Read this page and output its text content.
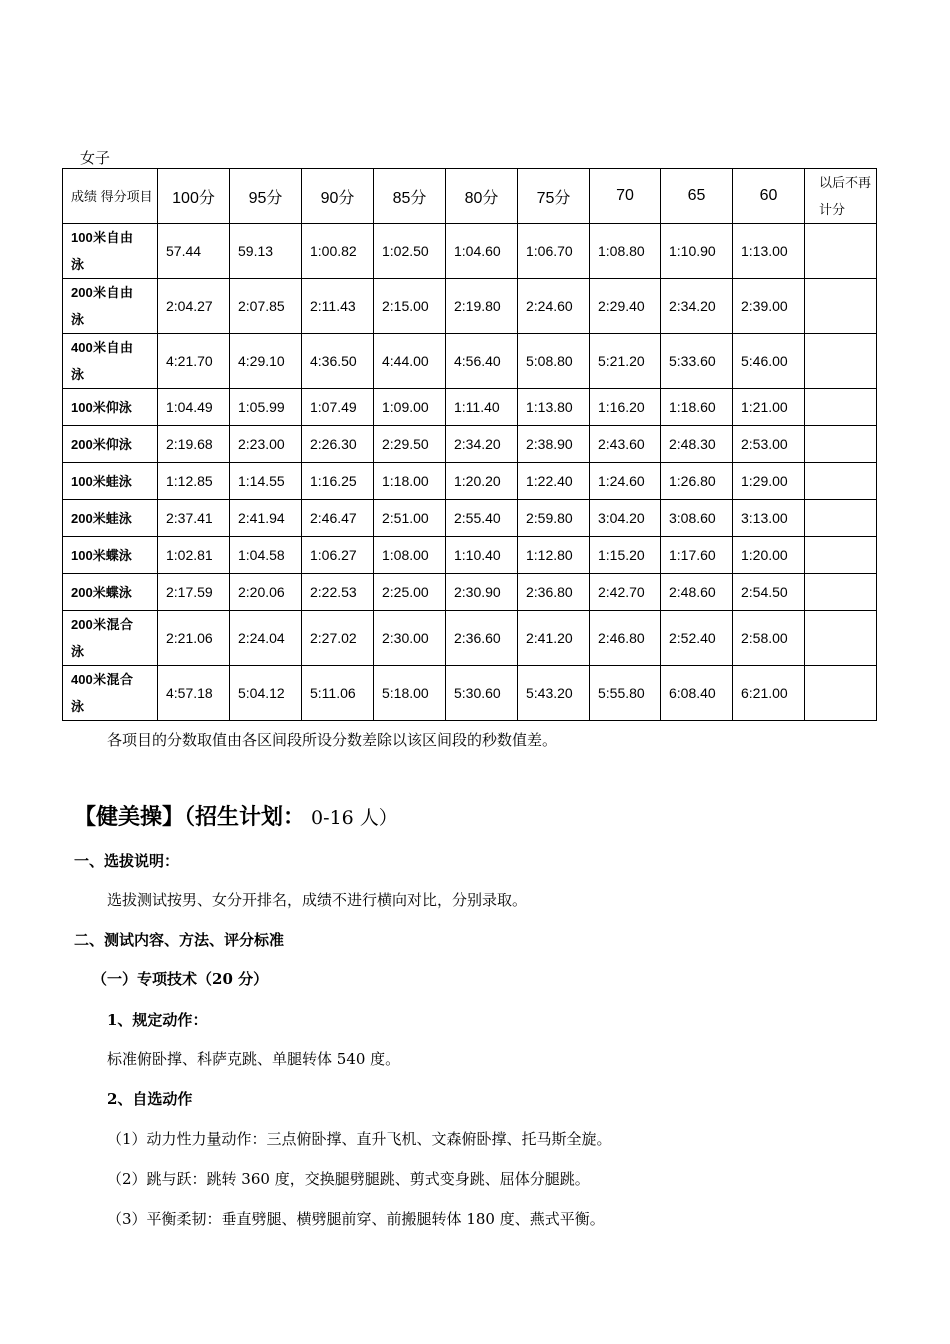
女子
成绩 得分项目	100分	95分	90分	85分	80分	75分	70	65	60	以后不再计分
100米自由泳	57.44	59.13	1:00.82	1:02.50	1:04.60	1:06.70	1:08.80	1:10.90	1:13.00	
200米自由泳	2:04.27	2:07.85	2:11.43	2:15.00	2:19.80	2:24.60	2:29.40	2:34.20	2:39.00	
400米自由泳	4:21.70	4:29.10	4:36.50	4:44.00	4:56.40	5:08.80	5:21.20	5:33.60	5:46.00	
100米仰泳	1:04.49	1:05.99	1:07.49	1:09.00	1:11.40	1:13.80	1:16.20	1:18.60	1:21.00	
200米仰泳	2:19.68	2:23.00	2:26.30	2:29.50	2:34.20	2:38.90	2:43.60	2:48.30	2:53.00	
100米蛙泳	1:12.85	1:14.55	1:16.25	1:18.00	1:20.20	1:22.40	1:24.60	1:26.80	1:29.00	
200米蛙泳	2:37.41	2:41.94	2:46.47	2:51.00	2:55.40	2:59.80	3:04.20	3:08.60	3:13.00	
100米蝶泳	1:02.81	1:04.58	1:06.27	1:08.00	1:10.40	1:12.80	1:15.20	1:17.60	1:20.00	
200米蝶泳	2:17.59	2:20.06	2:22.53	2:25.00	2:30.90	2:36.80	2:42.70	2:48.60	2:54.50	
200米混合泳	2:21.06	2:24.04	2:27.02	2:30.00	2:36.60	2:41.20	2:46.80	2:52.40	2:58.00	
400米混合泳	4:57.18	5:04.12	5:11.06	5:18.00	5:30.60	5:43.20	5:55.80	6:08.40	6:21.00	
各项目的分数取值由各区间段所设分数差除以该区间段的秒数值差。
【健美操】（招生计划： 0-16 人）
一、选拔说明：
选拔测试按男、女分开排名，成绩不进行横向对比，分别录取。
二、测试内容、方法、评分标准
（一）专项技术（20 分）
1、规定动作：
标准俯卧撑、科萨克跳、单腿转体 540 度。
2、自选动作
（1）动力性力量动作：三点俯卧撑、直升飞机、文森俯卧撑、托马斯全旋。
（2）跳与跃：跳转 360 度，交换腿劈腿跳、剪式变身跳、屈体分腿跳。
（3）平衡柔韧：垂直劈腿、横劈腿前穿、前搬腿转体 180 度、燕式平衡。
